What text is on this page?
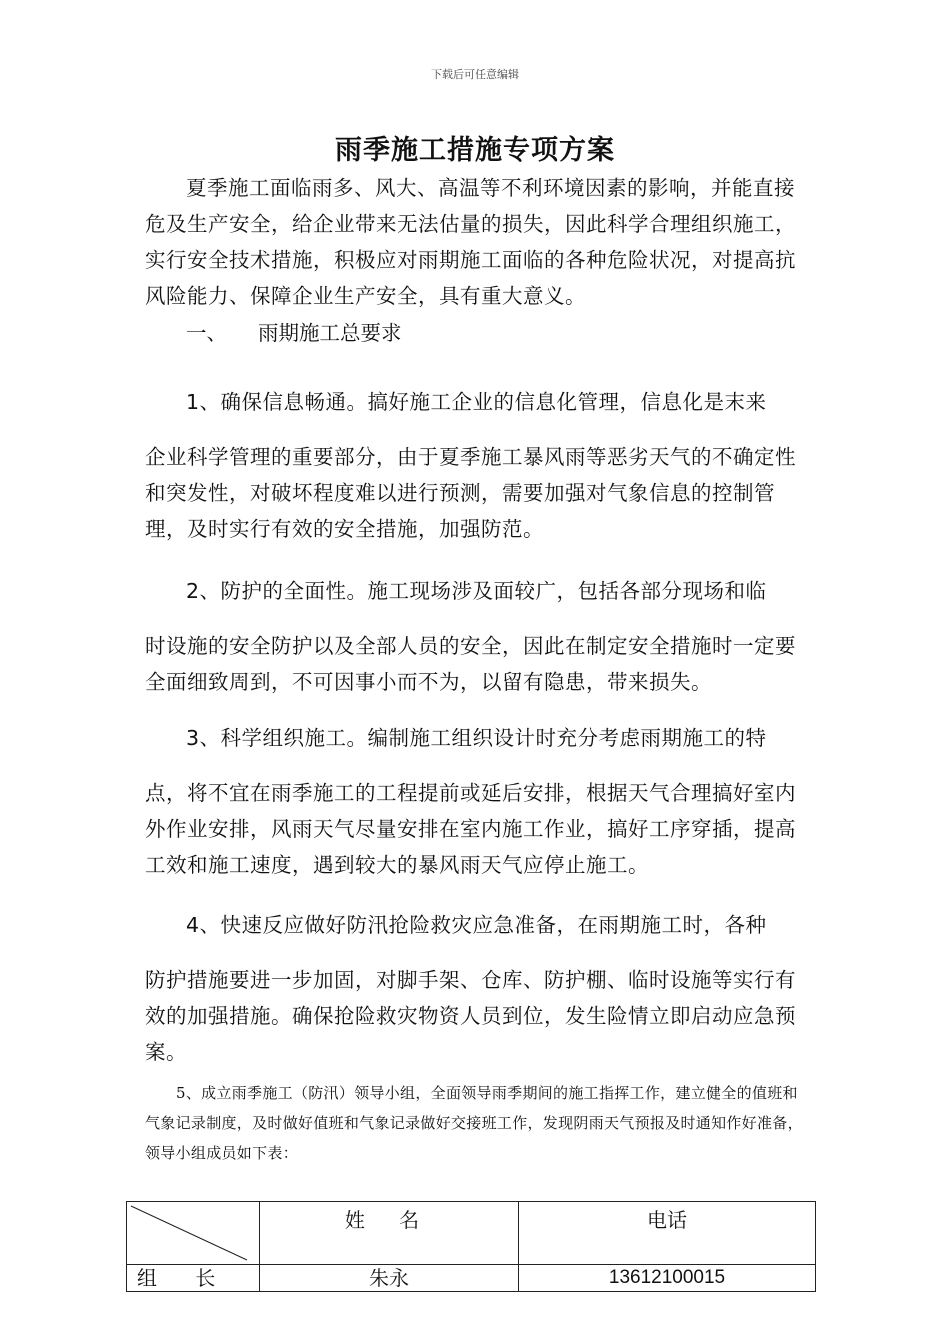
下载后可任意编辑
雨季施工措施专项方案

夏季施工面临雨多、风大、高温等不利环境因素的影响，并能直接危及生产安全，给企业带来无法估量的损失，因此科学合理组织施工，实行安全技术措施，积极应对雨期施工面临的各种危险状况，对提高抗风险能力、保障企业生产安全，具有重大意义。

一、 雨期施工总要求
1、确保信息畅通。搞好施工企业的信息化管理，信息化是末来
企业科学管理的重要部分，由于夏季施工暴风雨等恶劣天气的不确定性和突发性，对破坏程度难以进行预测，需要加强对气象信息的控制管理，及时实行有效的安全措施，加强防范。
2、防护的全面性。施工现场涉及面较广，包括各部分现场和临
时设施的安全防护以及全部人员的安全，因此在制定安全措施时一定要全面细致周到，不可因事小而不为，以留有隐患，带来损失。
3、科学组织施工。编制施工组织设计时充分考虑雨期施工的特
点，将不宜在雨季施工的工程提前或延后安排，根据天气合理搞好室内外作业安排，风雨天气尽量安排在室内施工作业，搞好工序穿插，提高工效和施工速度，遇到较大的暴风雨天气应停止施工。
4、快速反应做好防汛抢险救灾应急准备，在雨期施工时，各种
防护措施要进一步加固，对脚手架、仓库、防护棚、临时设施等实行有效的加强措施。确保抢险救灾物资人员到位，发生险情立即启动应急预案。

5、成立雨季施工（防汛）领导小组，全面领导雨季期间的施工指挥工作，建立健全的值班和气象记录制度，及时做好值班和气象记录做好交接班工作，发现阴雨天气预报及时通知作好准备，领导小组成员如下表：

	姓 名	电话
组 长	朱永	13612100015
